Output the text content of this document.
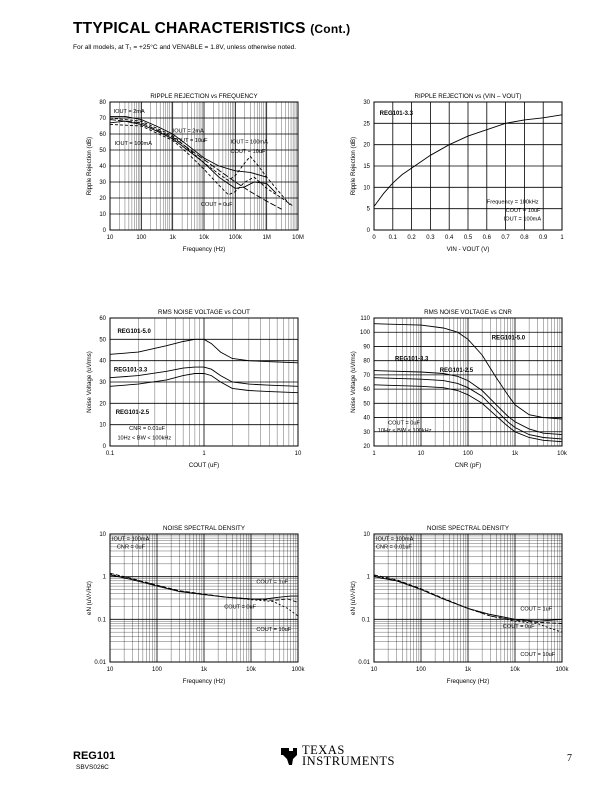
TTYPICAL CHARACTERISTICS (Cont.)
For all models, at T₁ = +25°C and VENABLE = 1.8V, unless otherwise noted.
RIPPLE REJECTION vs FREQUENCY
10	100	1k	10k	100k	1M	10M
0
10
20
30
40
50
60
70
80
Frequency (Hz)
Ripple Rejection (dB)
IOUT = 2mA
IOUT = 100mA
IOUT = 2mA
COUT = 10uF	IOUT = 100mA
COUT = 10uF
COUT = 0uF
RIPPLE REJECTION vs (VIN – VOUT)
0 0.1 0.2 0.3 0.4 0.5 0.6 0.7 0.8 0.9 1
0
5
10
15
20
25
30
VIN - VOUT (V)
Ripple Rejection (dB)
REG101-3.3
Frequency = 100kHz
COUT = 10uF
IOUT = 100mA
RMS NOISE VOLTAGE vs COUT
0.1	1	10
0
10
20
30
40
50
60
COUT (uF)
Noise Voltage (uVrms)
REG101-5.0
REG101-3.3
REG101-2.5
CNR = 0.01uF
10Hz < BW < 100kHz
RMS NOISE VOLTAGE vs CNR
1	10	100	1k	10k
20
30
40
50
60
70
80
90
100
110
CNR (pF)
Noise Voltage (uVrms)
REG101-5.0
REG101-3.3
REG101-2.5
COUT = 0uF
10Hz < BW < 100kHz
NOISE SPECTRAL DENSITY
10	100	1k	10k	100k
0.01
0.1
1
10
Frequency (Hz)
eN (uV/√Hz)
IOUT = 100mA
CNR = 0uF
COUT = 1uF
COUT = 0uF
COUT = 10uF
NOISE SPECTRAL DENSITY
10	100	1k	10k	100k
0.01
0.1
1
10
Frequency (Hz)
eN (uV/√Hz)
IOUT = 100mA
CNR = 0.01uF
COUT = 1uF
COUT = 0uF
COUT = 10uF
REG101
SBVS026C
TEXAS
INSTRUMENTS	7
